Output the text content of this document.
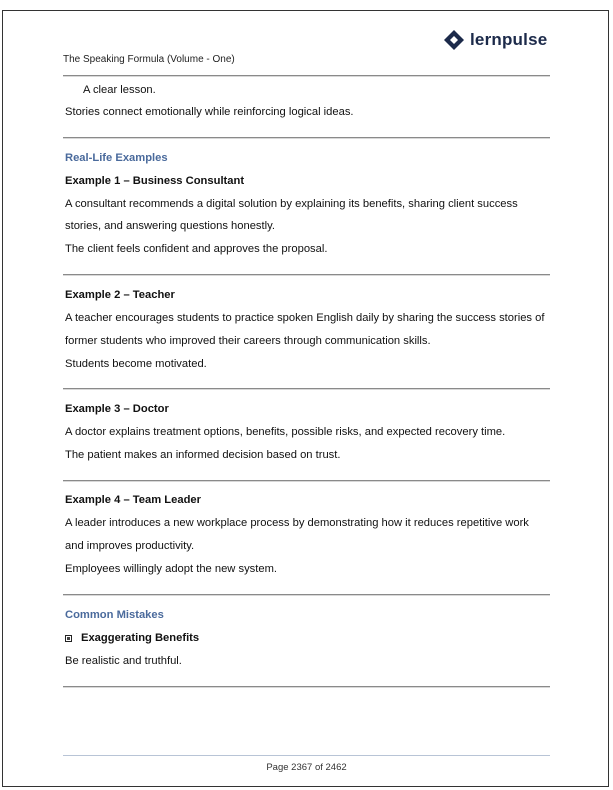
The Speaking Formula (Volume - One)
lernpulse
A clear lesson.
Stories connect emotionally while reinforcing logical ideas.
Real-Life Examples
Example 1 – Business Consultant
A consultant recommends a digital solution by explaining its benefits, sharing client success
stories, and answering questions honestly.
The client feels confident and approves the proposal.
Example 2 – Teacher
A teacher encourages students to practice spoken English daily by sharing the success stories of
former students who improved their careers through communication skills.
Students become motivated.
Example 3 – Doctor
A doctor explains treatment options, benefits, possible risks, and expected recovery time.
The patient makes an informed decision based on trust.
Example 4 – Team Leader
A leader introduces a new workplace process by demonstrating how it reduces repetitive work
and improves productivity.
Employees willingly adopt the new system.
Common Mistakes
Exaggerating Benefits
Be realistic and truthful.
Page 2367 of 2462
